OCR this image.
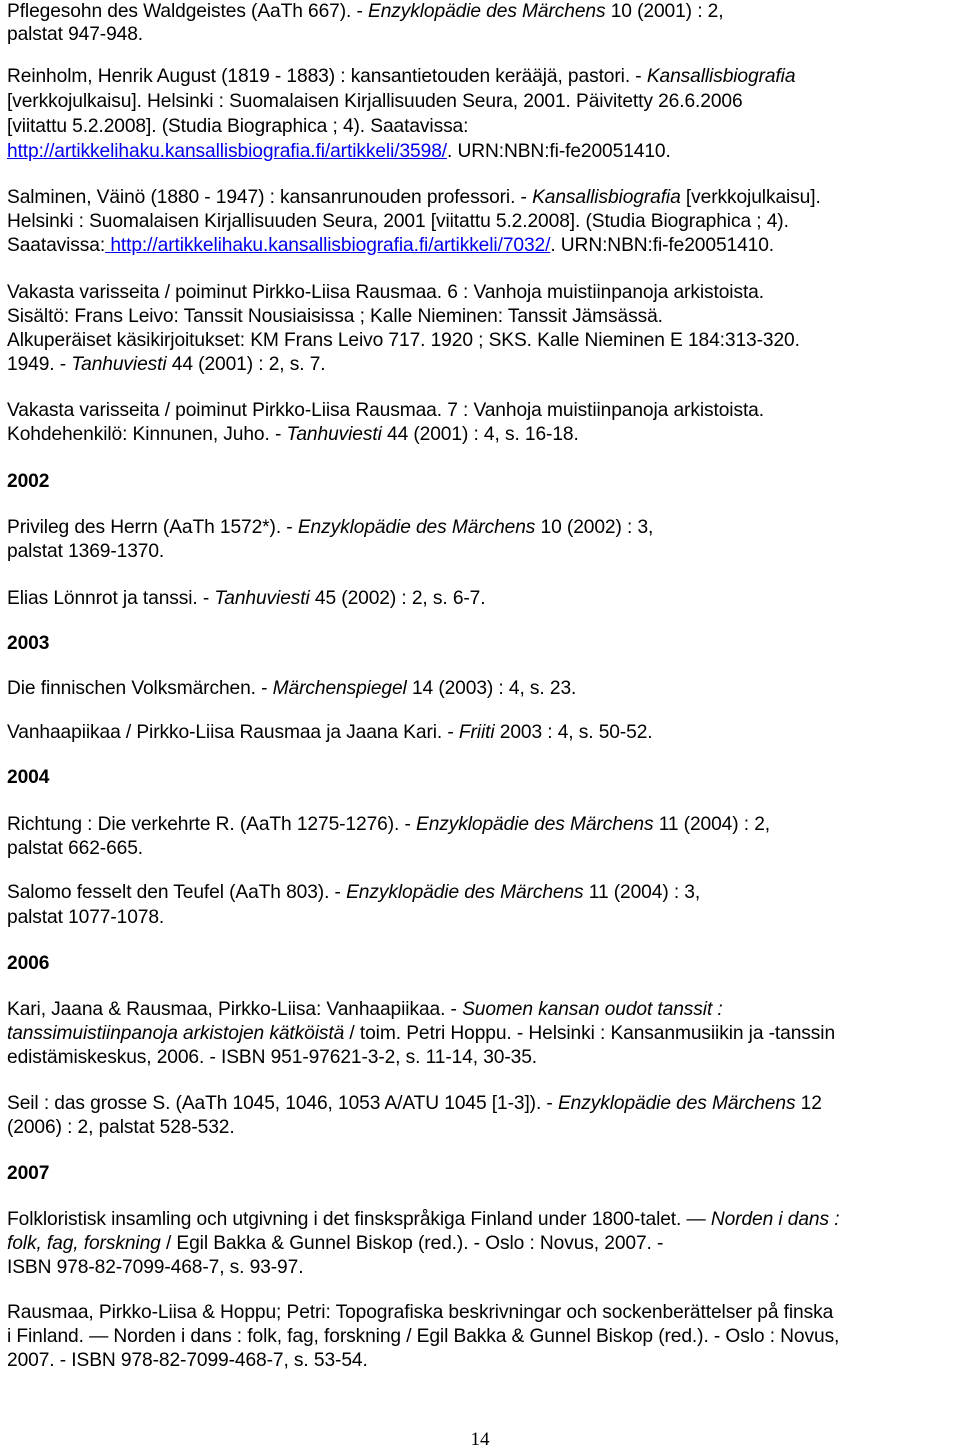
Pflegesohn des Waldgeistes (AaTh 667). - Enzyklopädie des Märchens 10 (2001) : 2,
palstat 947-948.
Reinholm, Henrik August (1819 - 1883) : kansantietouden kerääjä, pastori. - Kansallisbiografia
[verkkojulkaisu]. Helsinki : Suomalaisen Kirjallisuuden Seura, 2001. Päivitetty 26.6.2006
[viitattu 5.2.2008]. (Studia Biographica ; 4). Saatavissa:
http://artikkelihaku.kansallisbiografia.fi/artikkeli/3598/. URN:NBN:fi-fe20051410.
Salminen, Väinö (1880 - 1947) : kansanrunouden professori. - Kansallisbiografia [verkkojulkaisu].
Helsinki : Suomalaisen Kirjallisuuden Seura, 2001 [viitattu 5.2.2008]. (Studia Biographica ; 4).
Saatavissa: http://artikkelihaku.kansallisbiografia.fi/artikkeli/7032/. URN:NBN:fi-fe20051410.
Vakasta varisseita / poiminut Pirkko-Liisa Rausmaa. 6 : Vanhoja muistiinpanoja arkistoista.
Sisältö: Frans Leivo: Tanssit Nousiaisissa ; Kalle Nieminen: Tanssit Jämsässä.
Alkuperäiset käsikirjoitukset: KM Frans Leivo 717. 1920 ; SKS. Kalle Nieminen E 184:313-320.
1949. - Tanhuviesti 44 (2001) : 2, s. 7.
Vakasta varisseita / poiminut Pirkko-Liisa Rausmaa. 7 : Vanhoja muistiinpanoja arkistoista.
Kohdehenkilö: Kinnunen, Juho. - Tanhuviesti 44 (2001) : 4, s. 16-18.
2002
Privileg des Herrn (AaTh 1572*). - Enzyklopädie des Märchens 10 (2002) : 3,
palstat 1369-1370.
Elias Lönnrot ja tanssi. - Tanhuviesti 45 (2002) : 2, s. 6-7.
2003
Die finnischen Volksmärchen. - Märchenspiegel 14 (2003) : 4, s. 23.
Vanhaapiikaa / Pirkko-Liisa Rausmaa ja Jaana Kari. - Friiti 2003 : 4, s. 50-52.
2004
Richtung : Die verkehrte R. (AaTh 1275-1276). - Enzyklopädie des Märchens 11 (2004) : 2,
palstat 662-665.
Salomo fesselt den Teufel (AaTh 803). - Enzyklopädie des Märchens 11 (2004) : 3,
palstat 1077-1078.
2006
Kari, Jaana & Rausmaa, Pirkko-Liisa: Vanhaapiikaa. - Suomen kansan oudot tanssit :
tanssimuistiinpanoja arkistojen kätköistä / toim. Petri Hoppu. - Helsinki : Kansanmusiikin ja -tanssin
edistämiskeskus, 2006. - ISBN 951-97621-3-2, s. 11-14, 30-35.
Seil : das grosse S. (AaTh 1045, 1046, 1053 A/ATU 1045 [1-3]). - Enzyklopädie des Märchens 12
(2006) : 2, palstat 528-532.
2007
Folkloristisk insamling och utgivning i det finskspråkiga Finland under 1800-talet. — Norden i dans :
folk, fag, forskning / Egil Bakka & Gunnel Biskop (red.). - Oslo : Novus, 2007. -
ISBN 978-82-7099-468-7, s. 93-97.
Rausmaa, Pirkko-Liisa & Hoppu; Petri: Topografiska beskrivningar och sockenberättelser på finska
i Finland. — Norden i dans : folk, fag, forskning / Egil Bakka & Gunnel Biskop (red.). - Oslo : Novus,
2007. - ISBN 978-82-7099-468-7, s. 53-54.
14
